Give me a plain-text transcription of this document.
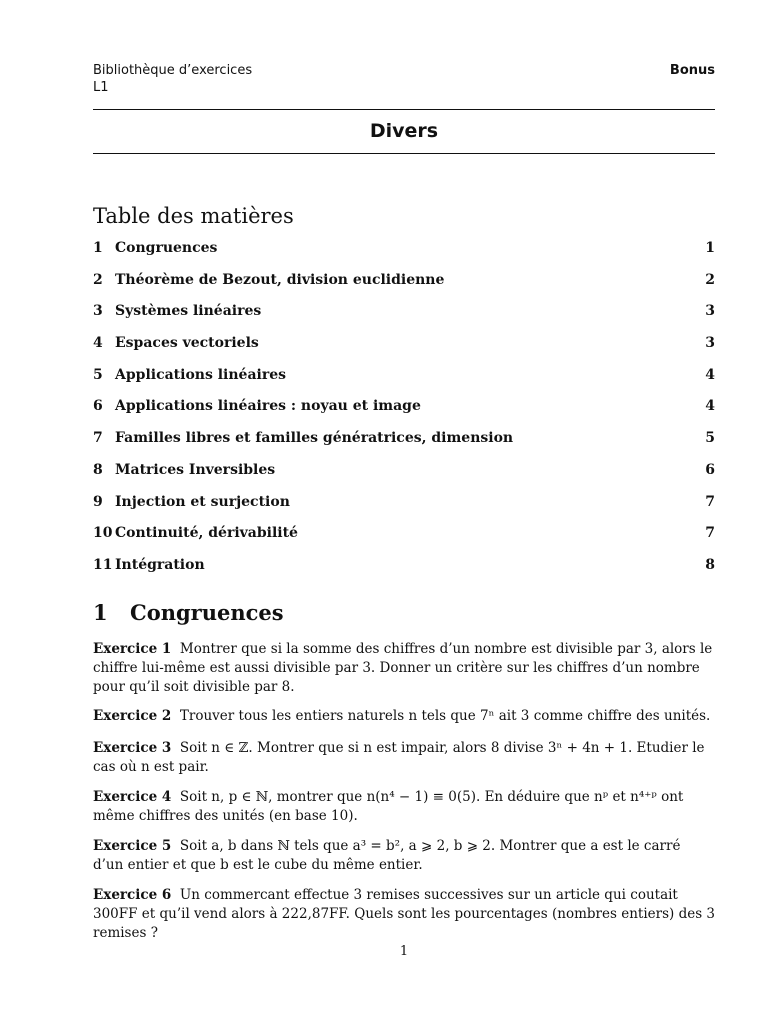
Bibliothèque d’exercices
L1
Bonus
Divers
Table des matières
1 Congruences	1
2 Théorème de Bezout, division euclidienne	2
3 Systèmes linéaires	3
4 Espaces vectoriels	3
5 Applications linéaires	4
6 Applications linéaires : noyau et image	4
7 Familles libres et familles génératrices, dimension	5
8 Matrices Inversibles	6
9 Injection et surjection	7
10 Continuité, dérivabilité	7
11 Intégration	8
1 Congruences
Exercice 1 Montrer que si la somme des chiffres d’un nombre est divisible par 3, alors le chiffre lui-même est aussi divisible par 3. Donner un critère sur les chiffres d’un nombre pour qu’il soit divisible par 8.
Exercice 2 Trouver tous les entiers naturels n tels que 7ⁿ ait 3 comme chiffre des unités.
Exercice 3 Soit n ∈ ℤ. Montrer que si n est impair, alors 8 divise 3ⁿ + 4n + 1. Etudier le cas où n est pair.
Exercice 4 Soit n, p ∈ ℕ, montrer que n(n⁴ − 1) ≡ 0(5). En déduire que nᵖ et n⁴⁺ᵖ ont même chiffres des unités (en base 10).
Exercice 5 Soit a, b dans ℕ tels que a³ = b², a ⩾ 2, b ⩾ 2. Montrer que a est le carré d’un entier et que b est le cube du même entier.
Exercice 6 Un commercant effectue 3 remises successives sur un article qui coutait 300FF et qu’il vend alors à 222,87FF. Quels sont les pourcentages (nombres entiers) des 3 remises ?
1
